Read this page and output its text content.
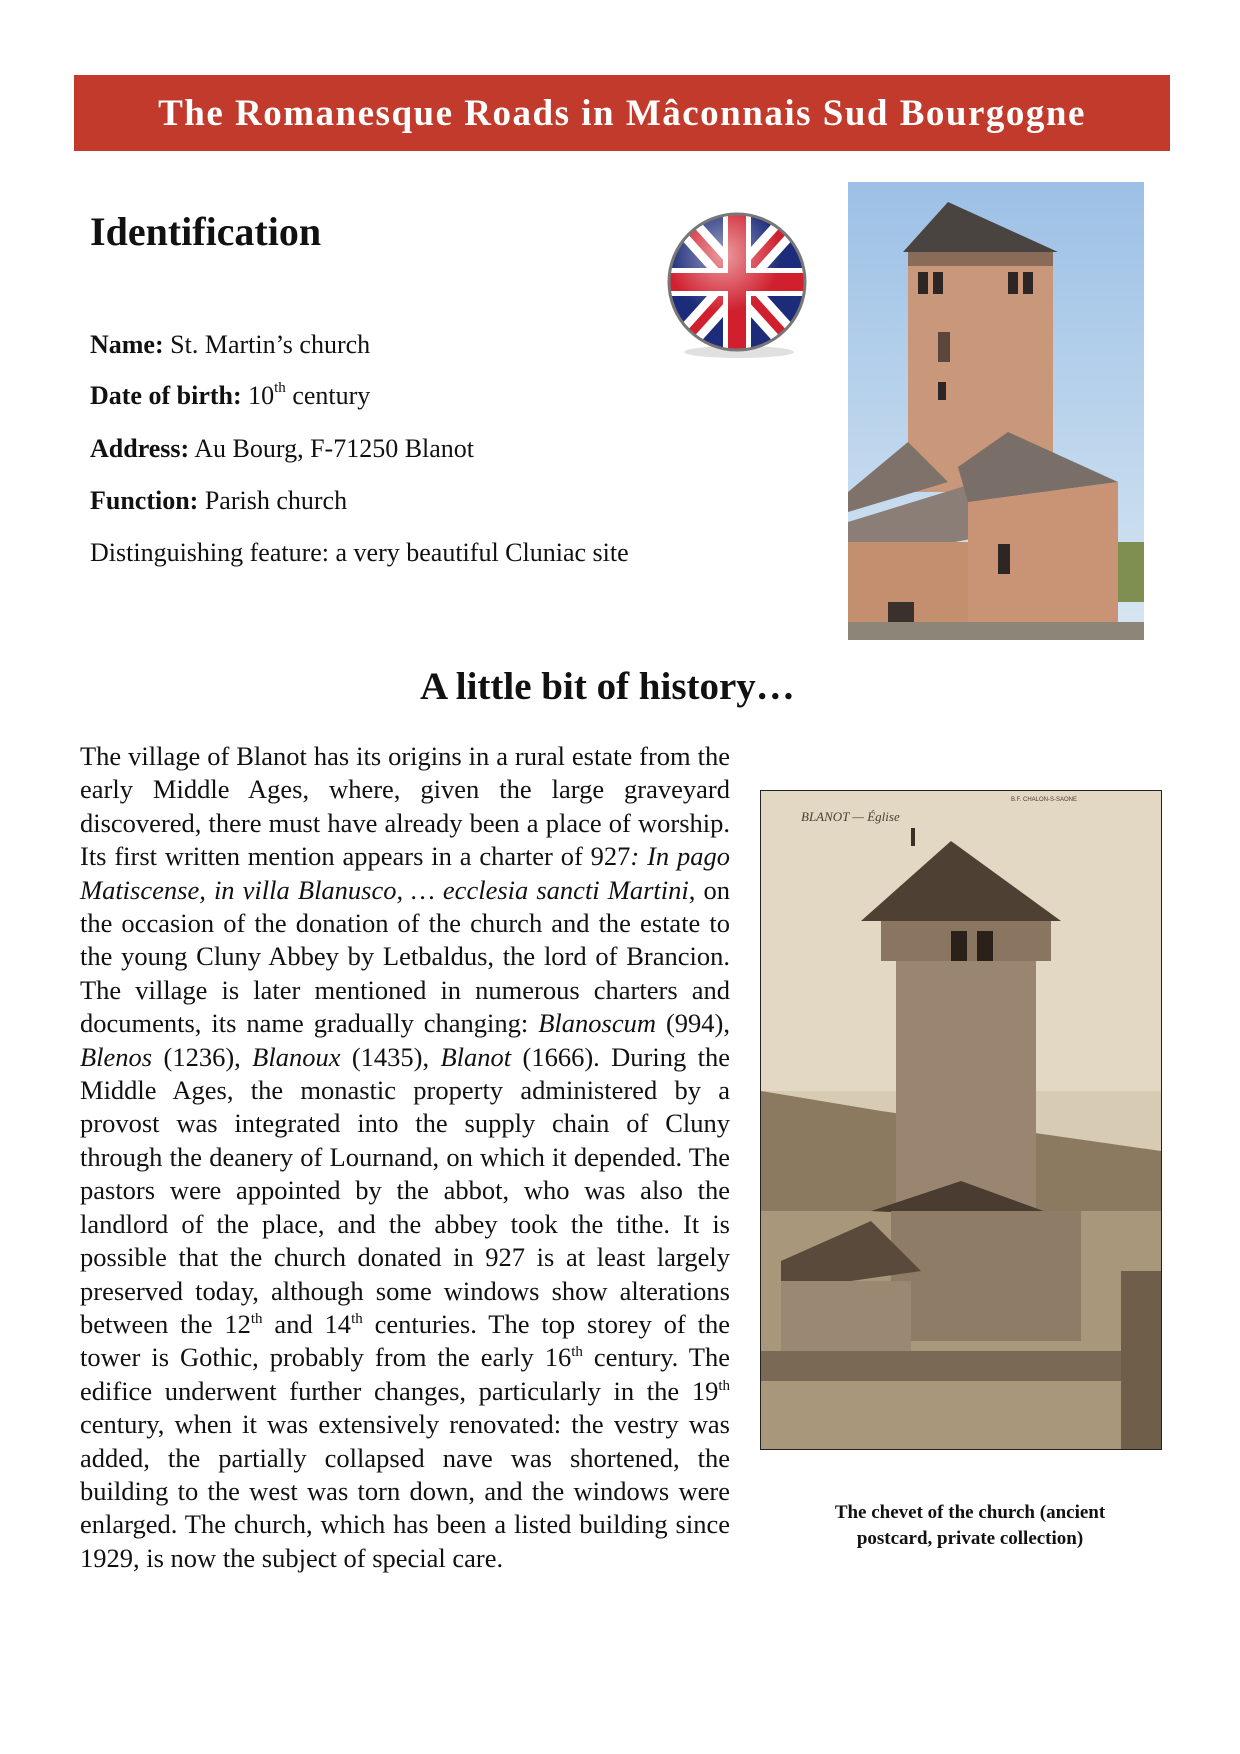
The Romanesque Roads in Mâconnais Sud Bourgogne
Identification

Name: St. Martin’s church

Date of birth: 10th century

Address: Au Bourg, F-71250 Blanot

Function: Parish church

Distinguishing feature: a very beautiful Cluniac site

A little bit of history…

The village of Blanot has its origins in a rural estate from the early Middle Ages, where, given the large graveyard discovered, there must have already been a place of worship. Its first written mention appears in a charter of 927: In pago Matiscense, in villa Blanusco, … ecclesia sancti Martini, on the occasion of the donation of the church and the estate to the young Cluny Abbey by Letbaldus, the lord of Brancion. The village is later mentioned in numerous charters and documents, its name gradually changing: Blanoscum (994), Blenos (1236), Blanoux (1435), Blanot (1666). During the Middle Ages, the monastic property administered by a provost was integrated into the supply chain of Cluny through the deanery of Lournand, on which it depended. The pastors were appointed by the abbot, who was also the landlord of the place, and the abbey took the tithe. It is possible that the church donated in 927 is at least largely preserved today, although some windows show alterations between the 12th and 14th centuries. The top storey of the tower is Gothic, probably from the early 16th century. The edifice underwent further changes, particularly in the 19th century, when it was extensively renovated: the vestry was added, the partially collapsed nave was shortened, the building to the west was torn down, and the windows were enlarged. The church, which has been a listed building since 1929, is now the subject of special care.

BLANOT — Église
B.F. CHALON-S-SAONE

The chevet of the church (ancient postcard, private collection)
